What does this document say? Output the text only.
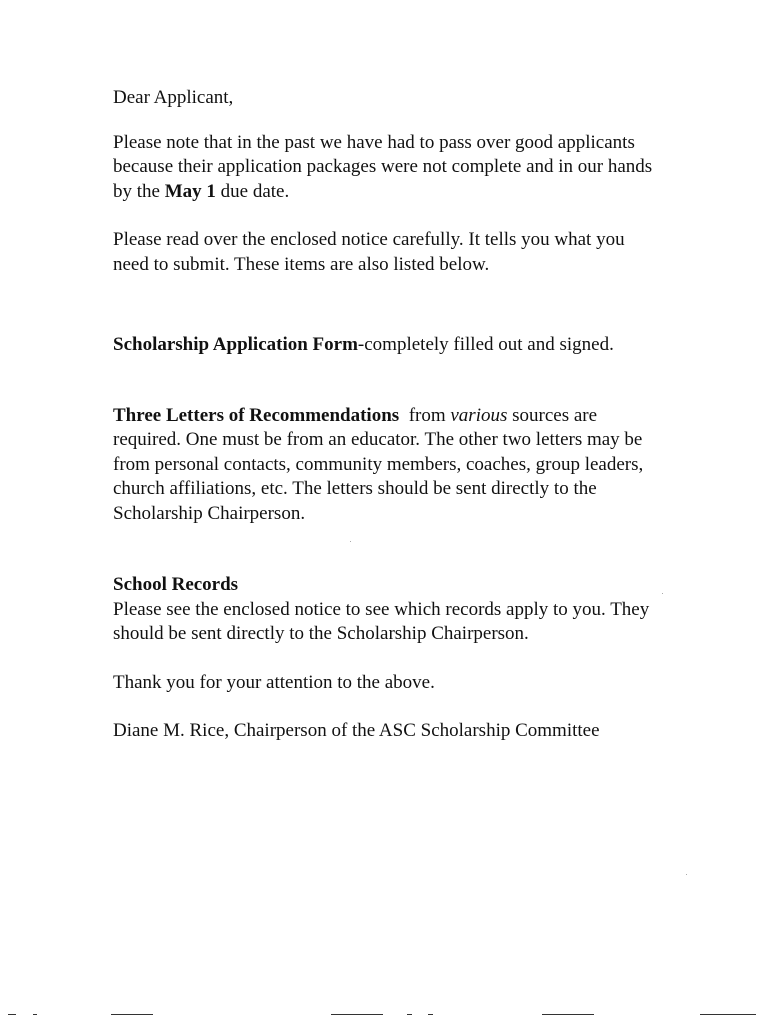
Dear Applicant,

Please note that in the past we have had to pass over good applicants because their application packages were not complete and in our hands by the May 1 due date.

Please read over the enclosed notice carefully. It tells you what you need to submit. These items are also listed below.

Scholarship Application Form-completely filled out and signed.

Three Letters of Recommendations  from various sources are required. One must be from an educator. The other two letters may be from personal contacts, community members, coaches, group leaders, church affiliations, etc. The letters should be sent directly to the Scholarship Chairperson.

School Records

Please see the enclosed notice to see which records apply to you. They should be sent directly to the Scholarship Chairperson.

Thank you for your attention to the above.

Diane M. Rice, Chairperson of the ASC Scholarship Committee
